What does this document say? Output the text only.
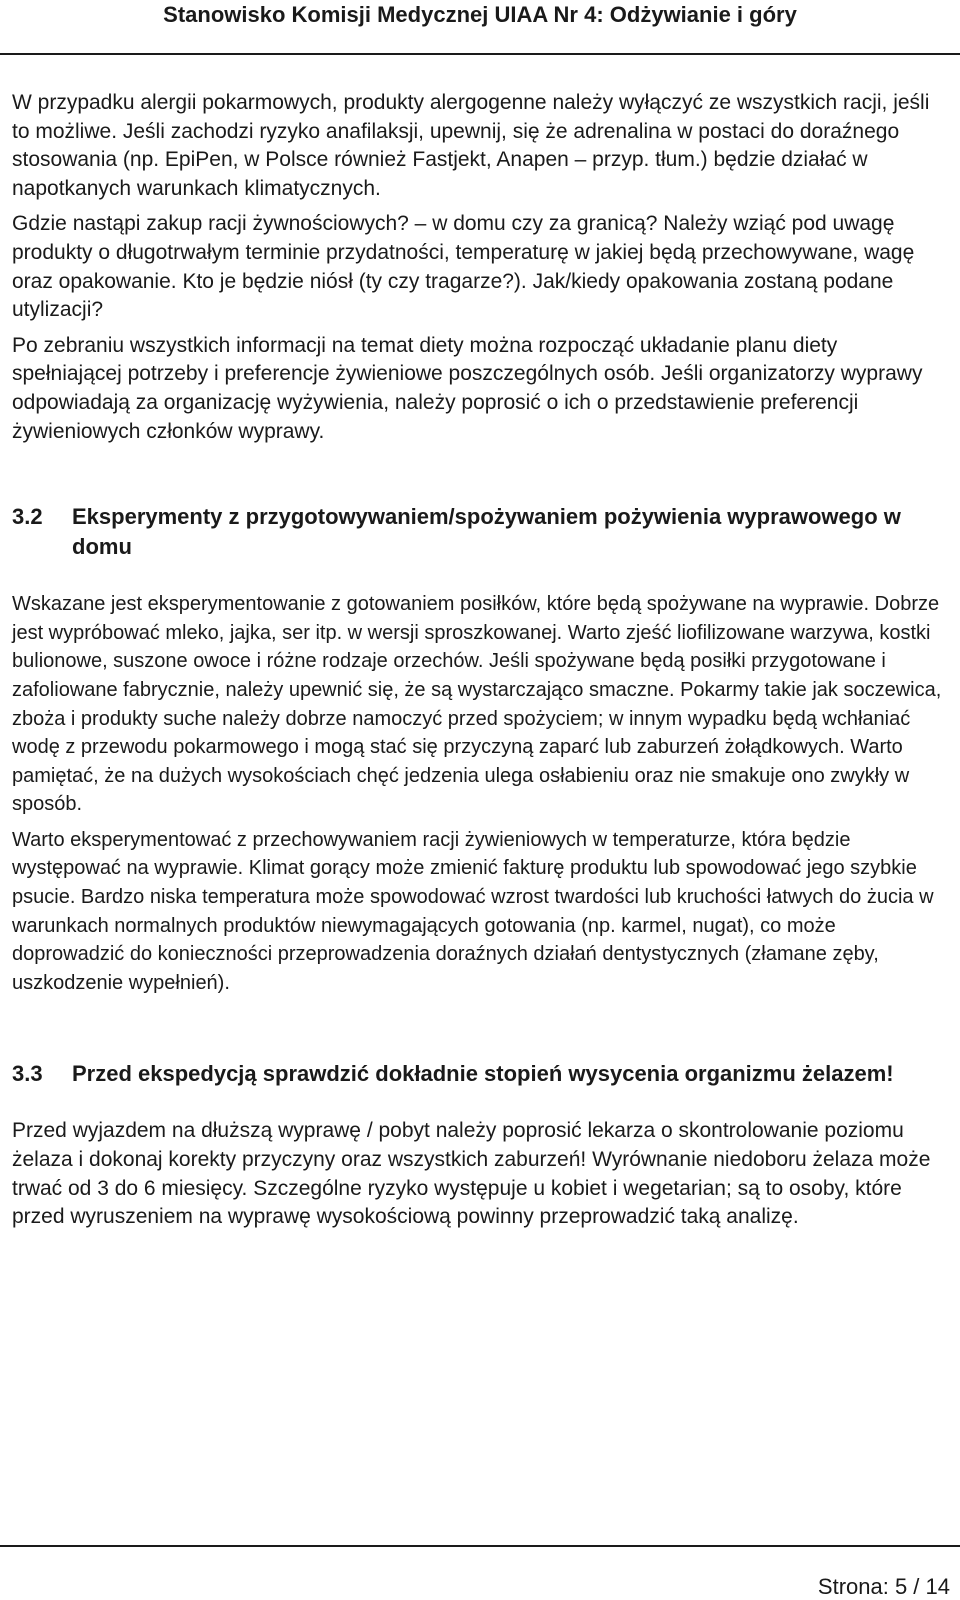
Stanowisko Komisji Medycznej UIAA Nr 4: Odżywianie i góry

W przypadku alergii pokarmowych, produkty alergogenne należy wyłączyć ze wszystkich racji, jeśli to możliwe. Jeśli zachodzi ryzyko anafilaksji, upewnij, się że adrenalina w postaci do doraźnego stosowania (np. EpiPen, w Polsce również Fastjekt, Anapen – przyp. tłum.) będzie działać w napotkanych warunkach klimatycznych.

Gdzie nastąpi zakup racji żywnościowych? – w domu czy za granicą? Należy wziąć pod uwagę produkty o długotrwałym terminie przydatności, temperaturę w jakiej będą przechowywane, wagę oraz opakowanie. Kto je będzie niósł (ty czy tragarze?). Jak/kiedy opakowania zostaną podane utylizacji?

Po zebraniu wszystkich informacji na temat diety można rozpocząć układanie planu diety spełniającej potrzeby i preferencje żywieniowe poszczególnych osób. Jeśli organizatorzy wyprawy odpowiadają za organizację wyżywienia, należy poprosić o ich o przedstawienie preferencji żywieniowych członków wyprawy.

3.2 Eksperymenty z przygotowywaniem/spożywaniem pożywienia wyprawowego w domu

Wskazane jest eksperymentowanie z gotowaniem posiłków, które będą spożywane na wyprawie. Dobrze jest wypróbować mleko, jajka, ser itp. w wersji sproszkowanej. Warto zjeść liofilizowane warzywa, kostki bulionowe, suszone owoce i różne rodzaje orzechów. Jeśli spożywane będą posiłki przygotowane i zafoliowane fabrycznie, należy upewnić się, że są wystarczająco smaczne. Pokarmy takie jak soczewica, zboża i produkty suche należy dobrze namoczyć przed spożyciem; w innym wypadku będą wchłaniać wodę z przewodu pokarmowego i mogą stać się przyczyną zaparć lub zaburzeń żołądkowych. Warto pamiętać, że na dużych wysokościach chęć jedzenia ulega osłabieniu oraz nie smakuje ono zwykły w sposób.

Warto eksperymentować z przechowywaniem racji żywieniowych w temperaturze, która będzie występować na wyprawie. Klimat gorący może zmienić fakturę produktu lub spowodować jego szybkie psucie. Bardzo niska temperatura może spowodować wzrost twardości lub kruchości łatwych do żucia w warunkach normalnych produktów niewymagających gotowania (np. karmel, nugat), co może doprowadzić do konieczności przeprowadzenia doraźnych działań dentystycznych (złamane zęby, uszkodzenie wypełnień).

3.3 Przed ekspedycją sprawdzić dokładnie stopień wysycenia organizmu żelazem!

Przed wyjazdem na dłuższą wyprawę / pobyt należy poprosić lekarza o skontrolowanie poziomu żelaza i dokonaj korekty przyczyny oraz wszystkich zaburzeń! Wyrównanie niedoboru żelaza może trwać od 3 do 6 miesięcy. Szczególne ryzyko występuje u kobiet i wegetarian; są to osoby, które przed wyruszeniem na wyprawę wysokościową powinny przeprowadzić taką analizę.

Strona: 5 / 14
